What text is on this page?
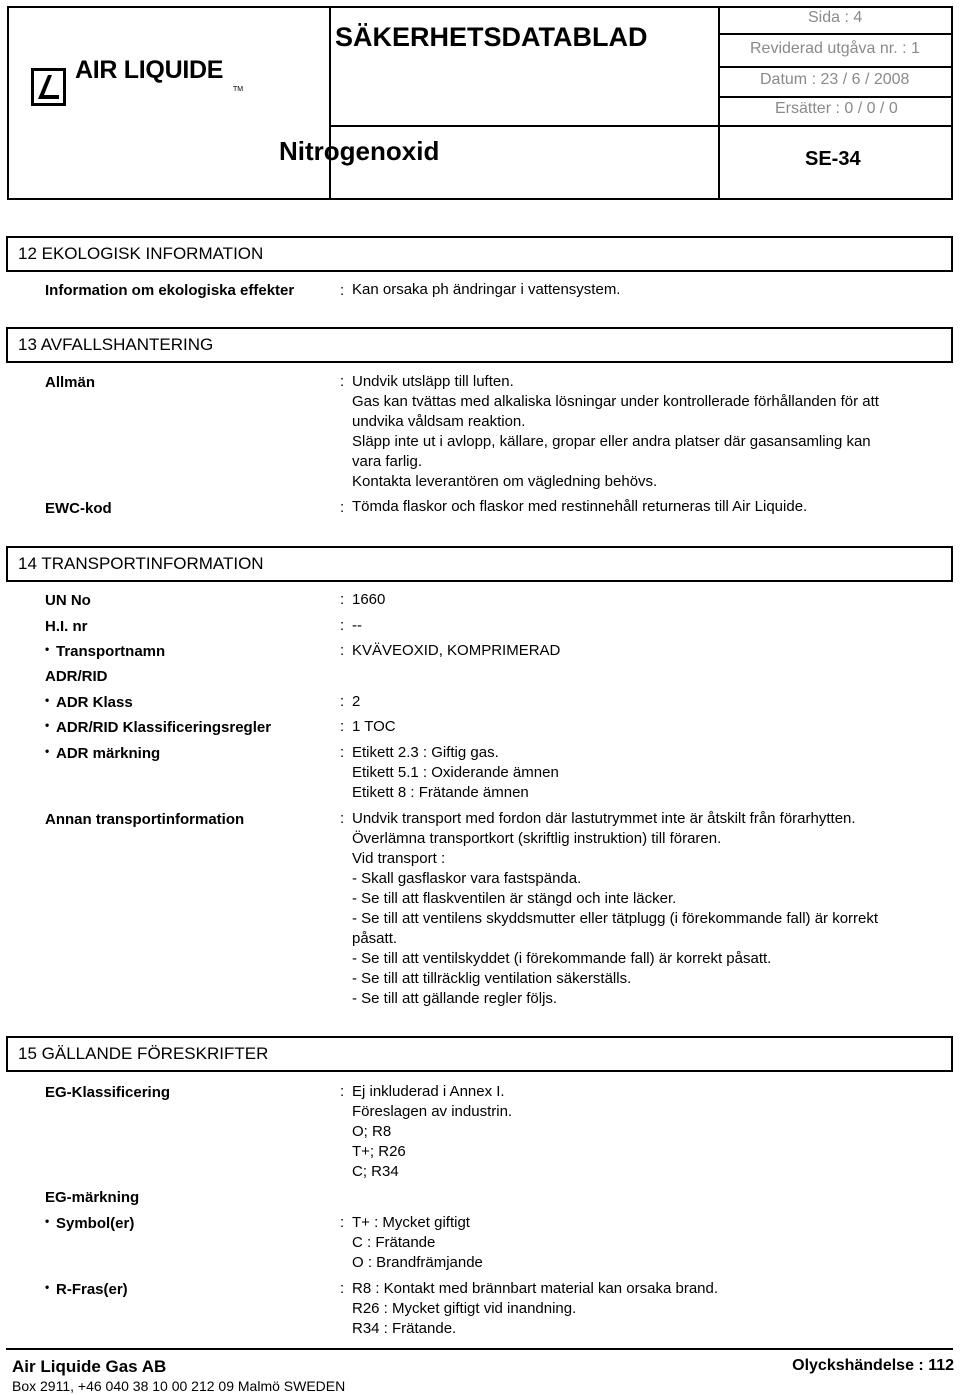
AIR LIQUIDE
TM
SÄKERHETSDATABLAD
Nitrogenoxid
Sida : 4
Reviderad utgåva nr. : 1
Datum : 23 / 6 / 2008
Ersätter : 0 / 0 / 0
SE-34
12 EKOLOGISK INFORMATION
Information om ekologiska effekter	: Kan orsaka ph ändringar i vattensystem.
13 AVFALLSHANTERING
Allmän	: Undvik utsläpp till luften.
Gas kan tvättas med alkaliska lösningar under kontrollerade förhållanden för att
undvika våldsam reaktion.
Släpp inte ut i avlopp, källare, gropar eller andra platser där gasansamling kan
vara farlig.
Kontakta leverantören om vägledning behövs.
EWC-kod	: Tömda flaskor och flaskor med restinnehåll returneras till Air Liquide.
14 TRANSPORTINFORMATION
UN No	: 1660
H.I. nr	: --
• Transportnamn	: KVÄVEOXID, KOMPRIMERAD
ADR/RID
• ADR Klass	: 2
• ADR/RID Klassificeringsregler	: 1 TOC
• ADR märkning	: Etikett 2.3 : Giftig gas.
Etikett 5.1 : Oxiderande ämnen
Etikett 8 : Frätande ämnen
Annan transportinformation	: Undvik transport med fordon där lastutrymmet inte är åtskilt från förarhytten.
Överlämna transportkort (skriftlig instruktion) till föraren.
Vid transport :
- Skall gasflaskor vara fastspända.
- Se till att flaskventilen är stängd och inte läcker.
- Se till att ventilens skyddsmutter eller tätplugg (i förekommande fall) är korrekt
påsatt.
- Se till att ventilskyddet (i förekommande fall) är korrekt påsatt.
- Se till att tillräcklig ventilation säkerställs.
- Se till att gällande regler följs.
15 GÄLLANDE FÖRESKRIFTER
EG-Klassificering	: Ej inkluderad i Annex I.
Föreslagen av industrin.
O; R8
T+; R26
C; R34
EG-märkning
• Symbol(er)	: T+ : Mycket giftigt
C : Frätande
O : Brandfrämjande
• R-Fras(er)	: R8 : Kontakt med brännbart material kan orsaka brand.
R26 : Mycket giftigt vid inandning.
R34 : Frätande.
Air Liquide Gas AB	Olyckshändelse : 112
Box 2911, +46 040 38 10 00 212 09 Malmö SWEDEN
